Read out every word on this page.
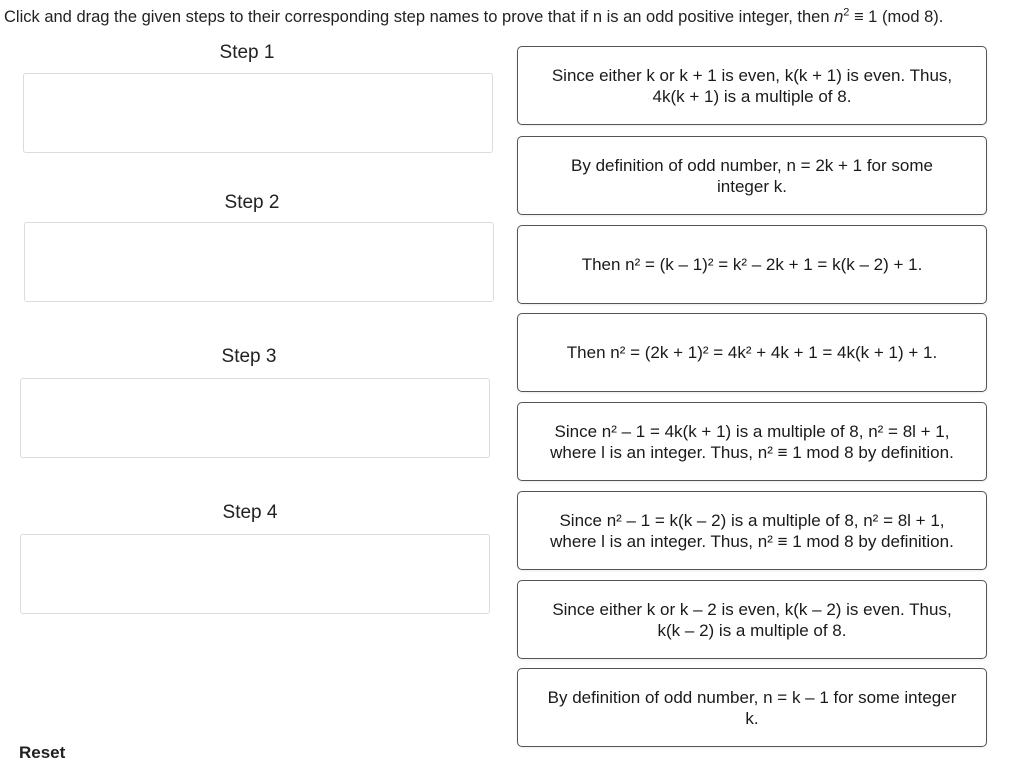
Click and drag the given steps to their corresponding step names to prove that if n is an odd positive integer, then $n^2 \equiv 1$ (mod 8).
Step 1
Step 2
Step 3
Step 4
Since either k or k + 1 is even, k(k + 1) is even. Thus,
4k(k + 1) is a multiple of 8.
By definition of odd number, n = 2k + 1 for some
integer k.
Then n² = (k – 1)² = k² – 2k + 1 = k(k – 2) + 1.
Then n² = (2k + 1)² = 4k² + 4k + 1 = 4k(k + 1) + 1.
Since n² – 1 = 4k(k + 1) is a multiple of 8, n² = 8l + 1,
where l is an integer. Thus, n² ≡ 1 mod 8 by definition.
Since n² – 1 = k(k – 2) is a multiple of 8, n² = 8l + 1,
where l is an integer. Thus, n² ≡ 1 mod 8 by definition.
Since either k or k – 2 is even, k(k – 2) is even. Thus,
k(k – 2) is a multiple of 8.
By definition of odd number, n = k – 1 for some integer
k.
Reset
